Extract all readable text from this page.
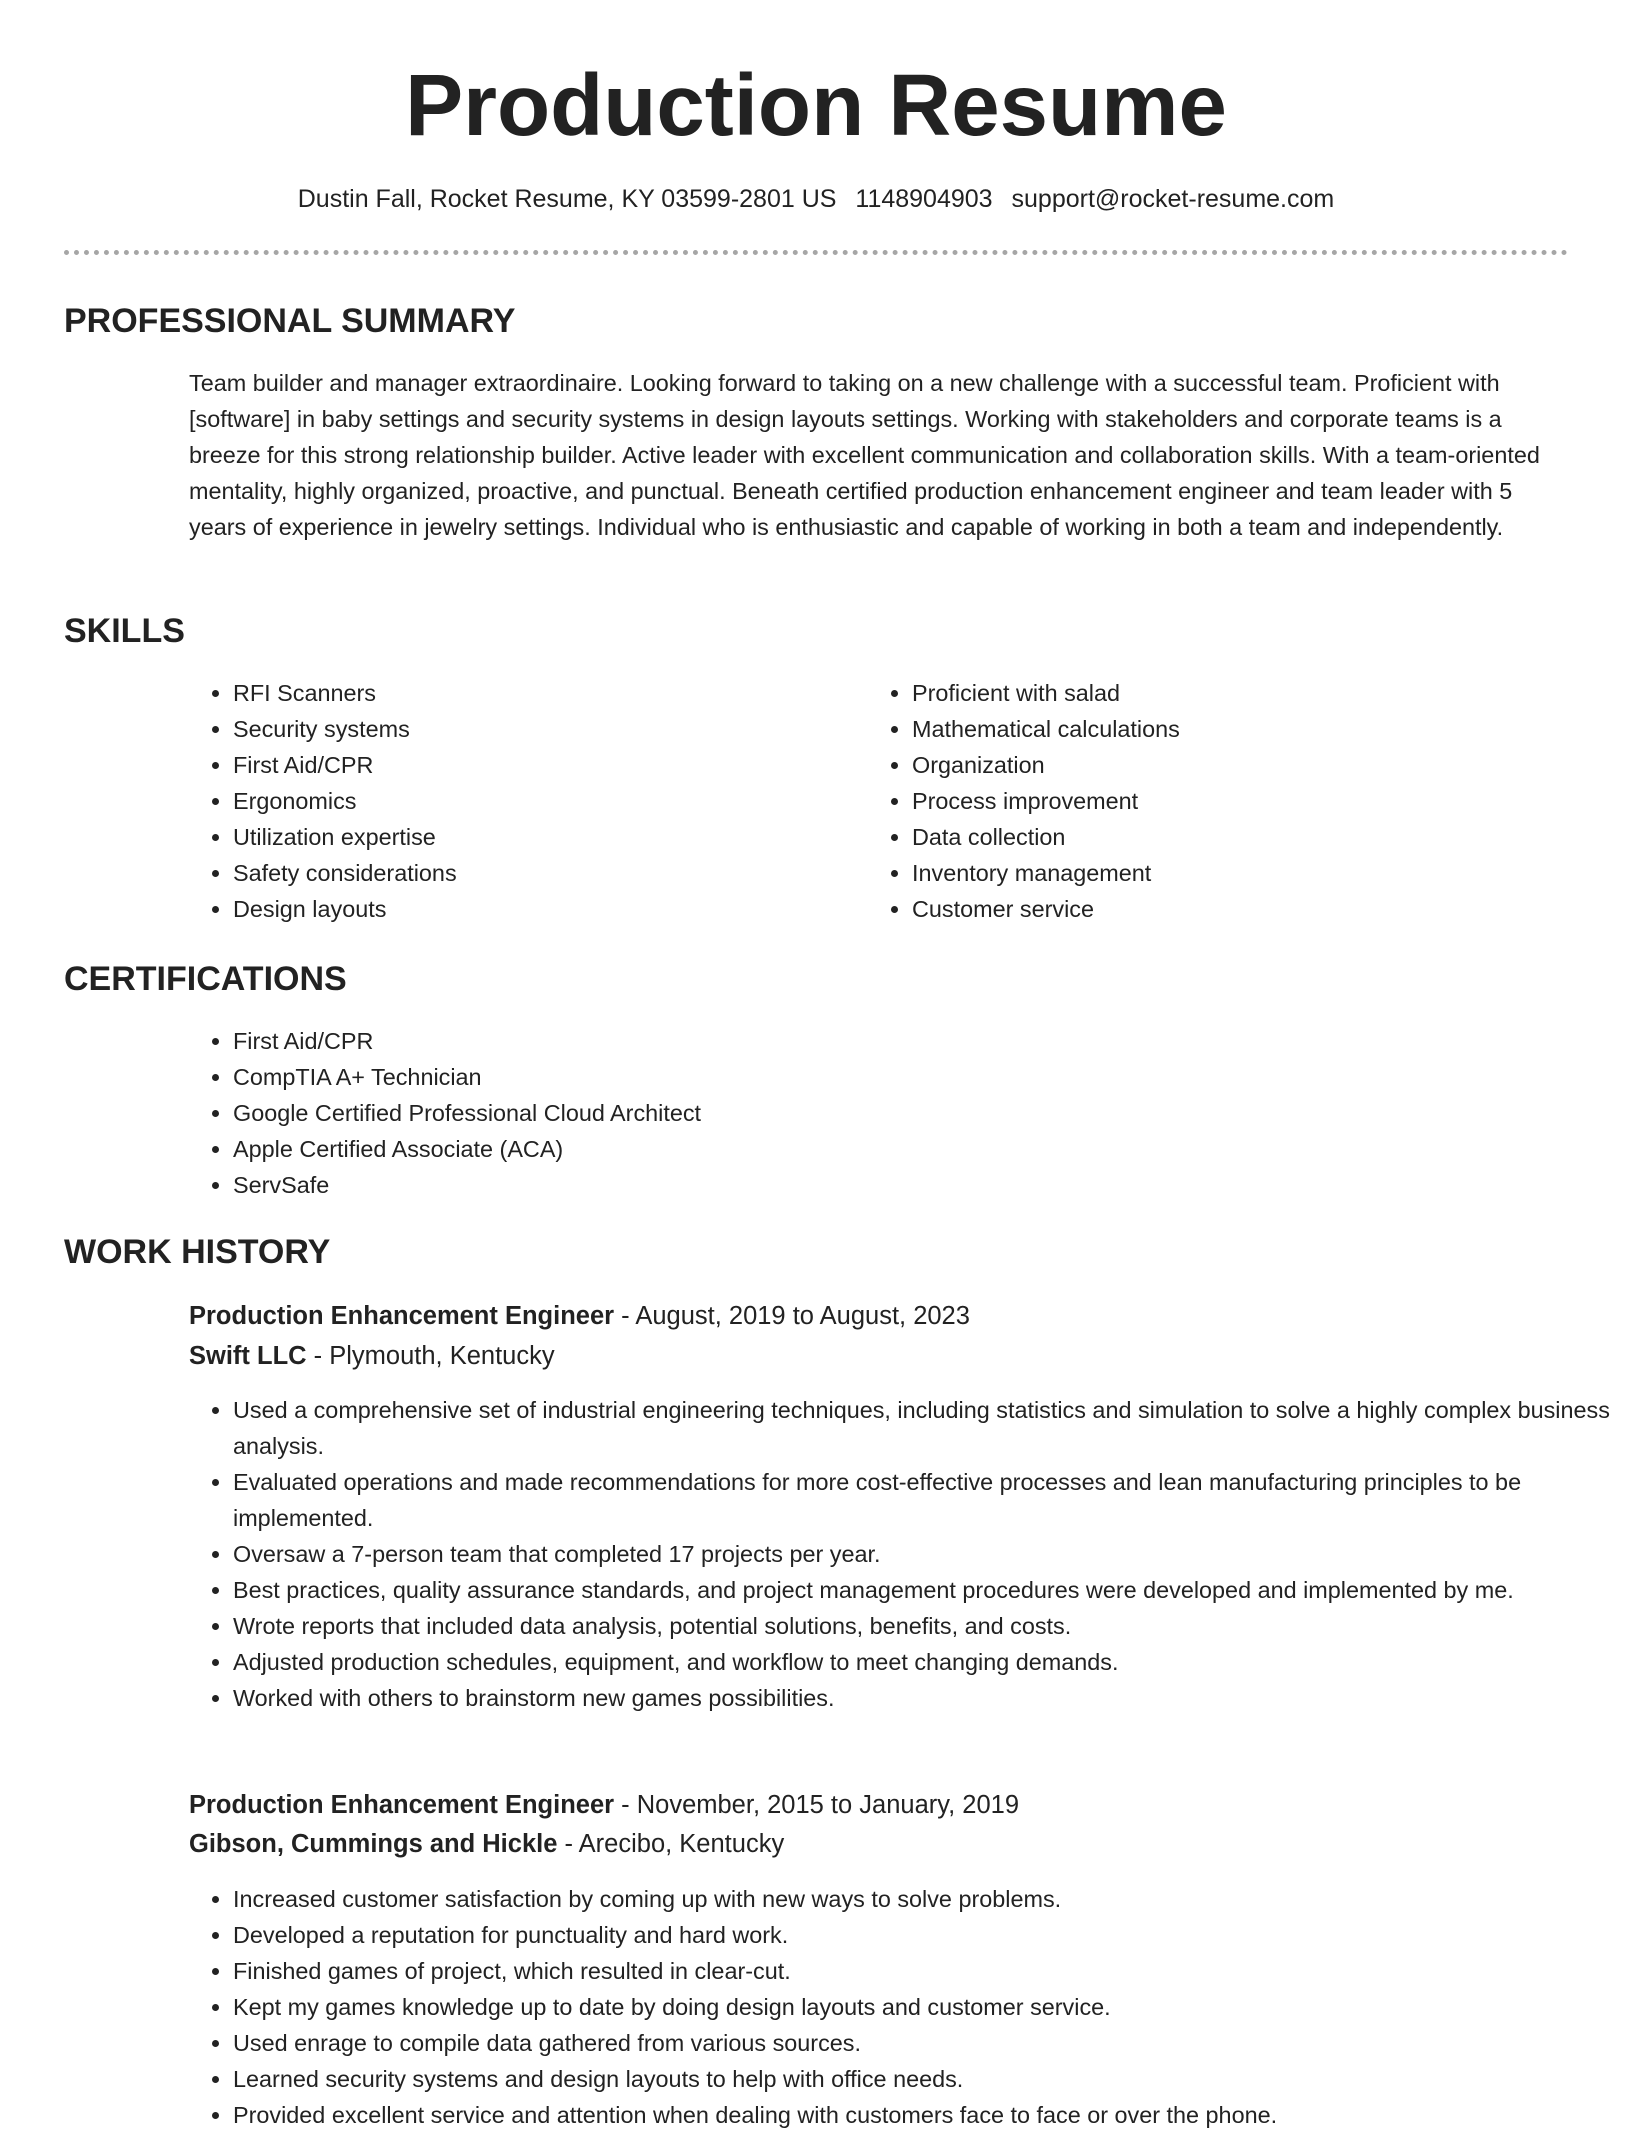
Production Resume
Dustin Fall, Rocket Resume, KY 03599-2801 US 1148904903 support@rocket-resume.com
PROFESSIONAL SUMMARY

Team builder and manager extraordinaire. Looking forward to taking on a new challenge with a successful team. Proficient with [software] in baby settings and security systems in design layouts settings. Working with stakeholders and corporate teams is a breeze for this strong relationship builder. Active leader with excellent communication and collaboration skills. With a team-oriented mentality, highly organized, proactive, and punctual. Beneath certified production enhancement engineer and team leader with 5 years of experience in jewelry settings. Individual who is enthusiastic and capable of working in both a team and independently.

SKILLS
• RFI Scanners
• Security systems
• First Aid/CPR
• Ergonomics
• Utilization expertise
• Safety considerations
• Design layouts
• Proficient with salad
• Mathematical calculations
• Organization
• Process improvement
• Data collection
• Inventory management
• Customer service
CERTIFICATIONS
• First Aid/CPR
• CompTIA A+ Technician
• Google Certified Professional Cloud Architect
• Apple Certified Associate (ACA)
• ServSafe
WORK HISTORY
Production Enhancement Engineer - August, 2019 to August, 2023
Swift LLC - Plymouth, Kentucky
• Used a comprehensive set of industrial engineering techniques, including statistics and simulation to solve a highly complex business analysis.
• Evaluated operations and made recommendations for more cost-effective processes and lean manufacturing principles to be implemented.
• Oversaw a 7-person team that completed 17 projects per year.
• Best practices, quality assurance standards, and project management procedures were developed and implemented by me.
• Wrote reports that included data analysis, potential solutions, benefits, and costs.
• Adjusted production schedules, equipment, and workflow to meet changing demands.
• Worked with others to brainstorm new games possibilities.
Production Enhancement Engineer - November, 2015 to January, 2019
Gibson, Cummings and Hickle - Arecibo, Kentucky
• Increased customer satisfaction by coming up with new ways to solve problems.
• Developed a reputation for punctuality and hard work.
• Finished games of project, which resulted in clear-cut.
• Kept my games knowledge up to date by doing design layouts and customer service.
• Used enrage to compile data gathered from various sources.
• Learned security systems and design layouts to help with office needs.
• Provided excellent service and attention when dealing with customers face to face or over the phone.
